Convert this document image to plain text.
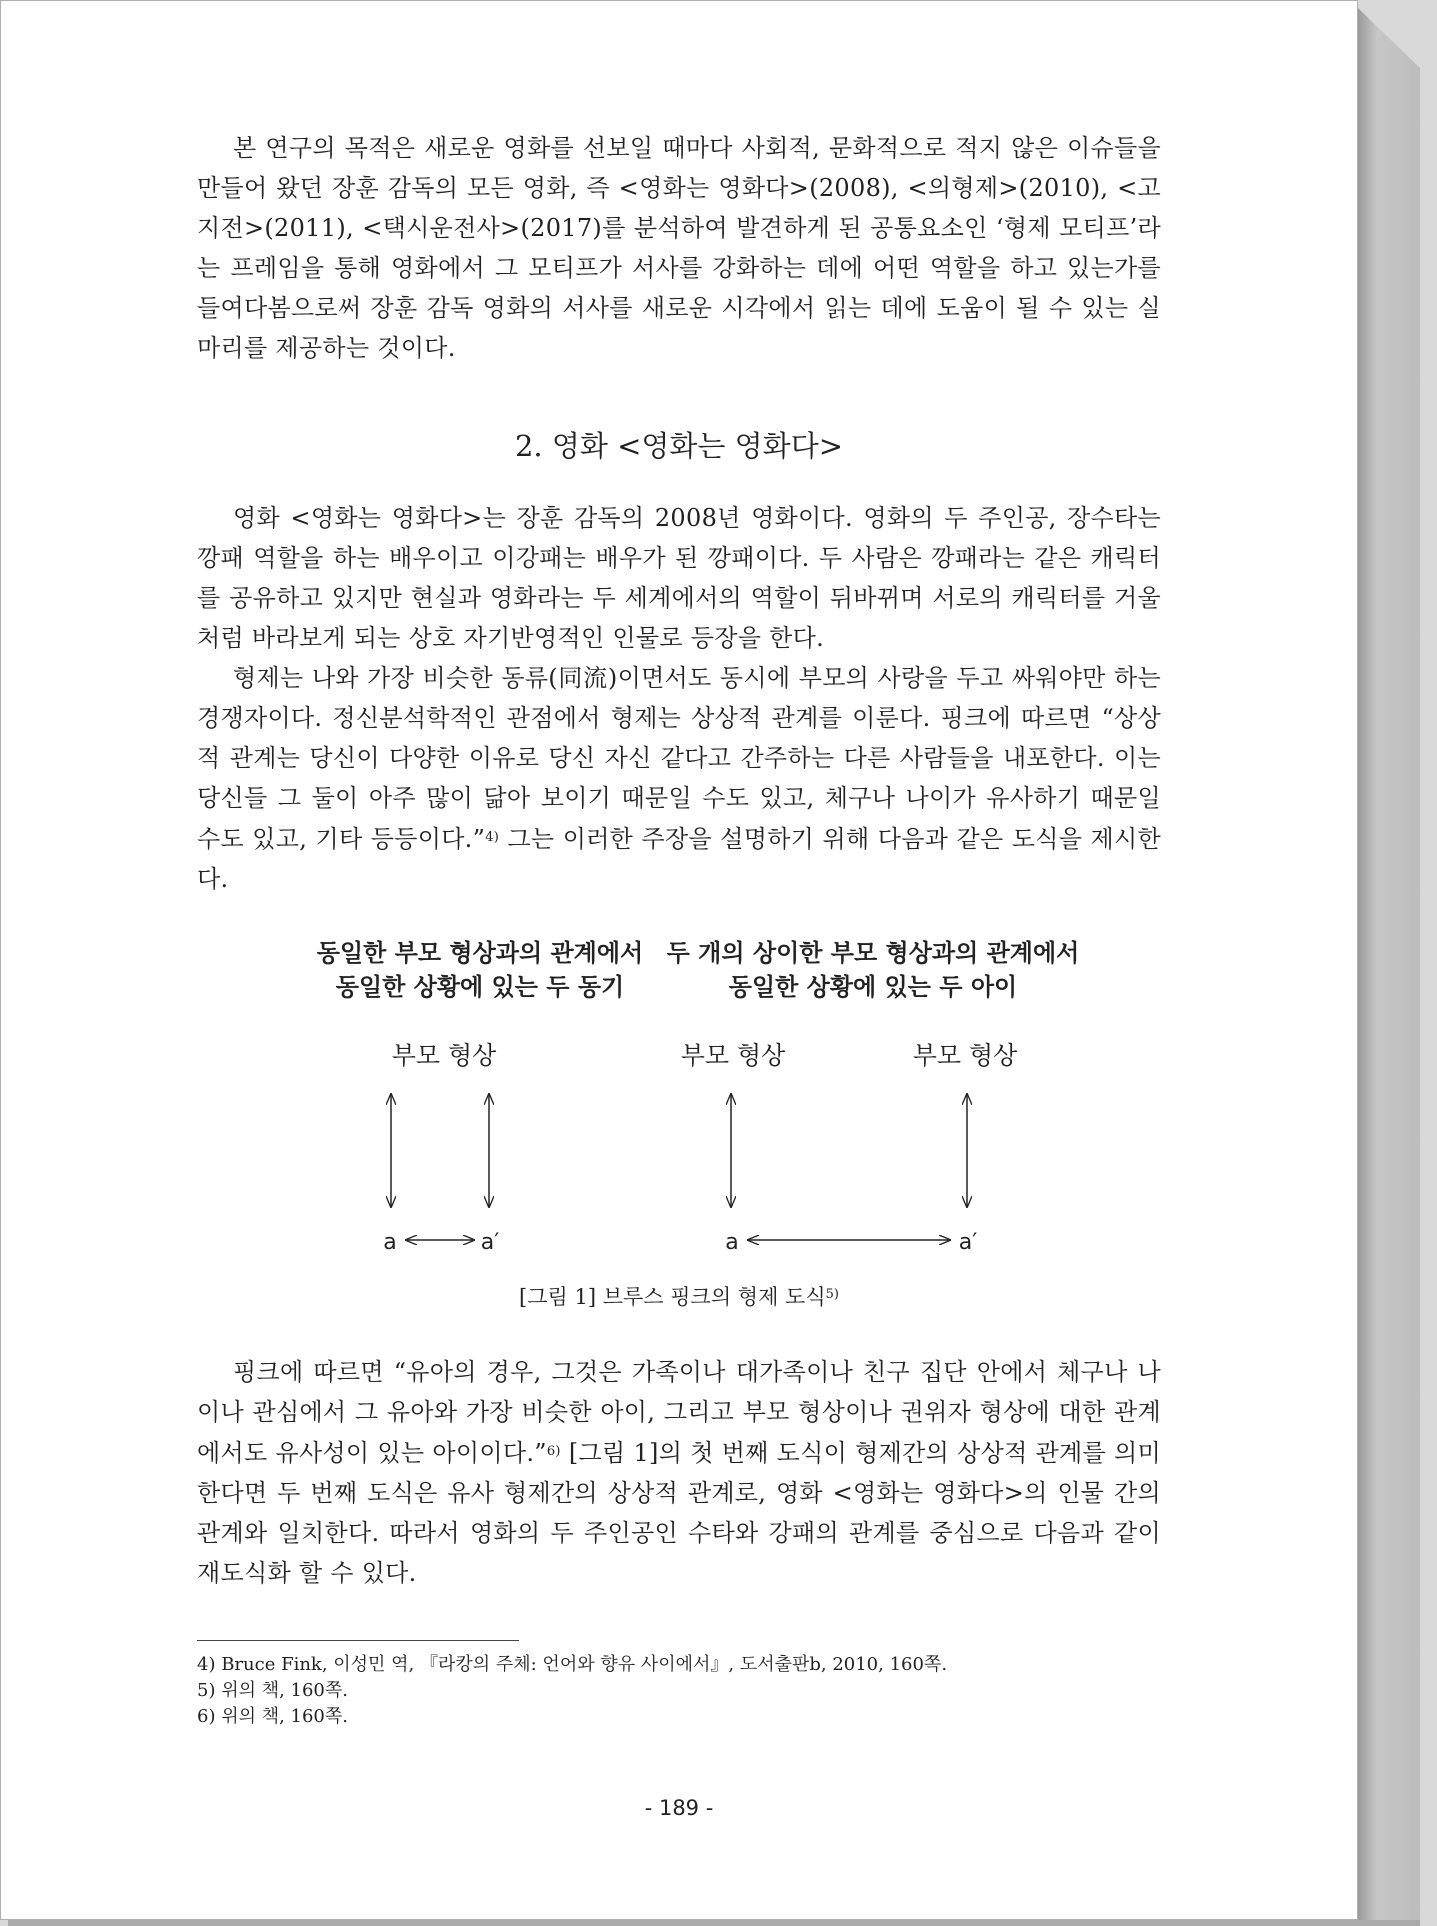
본 연구의 목적은 새로운 영화를 선보일 때마다 사회적, 문화적으로 적지 않은 이슈들을 만들어 왔던 장훈 감독의 모든 영화, 즉 <영화는 영화다>(2008), <의형제>(2010), <고지전>(2011), <택시운전사>(2017)를 분석하여 발견하게 된 공통요소인 ‘형제 모티프’라는 프레임을 통해 영화에서 그 모티프가 서사를 강화하는 데에 어떤 역할을 하고 있는가를 들여다봄으로써 장훈 감독 영화의 서사를 새로운 시각에서 읽는 데에 도움이 될 수 있는 실마리를 제공하는 것이다.

2. 영화 <영화는 영화다>

영화 <영화는 영화다>는 장훈 감독의 2008년 영화이다. 영화의 두 주인공, 장수타는 깡패 역할을 하는 배우이고 이강패는 배우가 된 깡패이다. 두 사람은 깡패라는 같은 캐릭터를 공유하고 있지만 현실과 영화라는 두 세계에서의 역할이 뒤바뀌며 서로의 캐릭터를 거울처럼 바라보게 되는 상호 자기반영적인 인물로 등장을 한다.

형제는 나와 가장 비슷한 동류(同流)이면서도 동시에 부모의 사랑을 두고 싸워야만 하는 경쟁자이다. 정신분석학적인 관점에서 형제는 상상적 관계를 이룬다. 핑크에 따르면 “상상적 관계는 당신이 다양한 이유로 당신 자신 같다고 간주하는 다른 사람들을 내포한다. 이는 당신들 그 둘이 아주 많이 닮아 보이기 때문일 수도 있고, 체구나 나이가 유사하기 때문일 수도 있고, 기타 등등이다.”$^{4)}$ 그는 이러한 주장을 설명하기 위해 다음과 같은 도식을 제시한다.

동일한 부모 형상과의 관계에서
동일한 상황에 있는 두 동기
두 개의 상이한 부모 형상과의 관계에서
동일한 상황에 있는 두 아이
부모 형상	부모 형상	부모 형상
a	a′	a	a′
[그림 1] 브루스 핑크의 형제 도식$^{5)}$

핑크에 따르면 “유아의 경우, 그것은 가족이나 대가족이나 친구 집단 안에서 체구나 나이나 관심에서 그 유아와 가장 비슷한 아이, 그리고 부모 형상이나 권위자 형상에 대한 관계에서도 유사성이 있는 아이이다.”$^{6)}$ [그림 1]의 첫 번째 도식이 형제간의 상상적 관계를 의미한다면 두 번째 도식은 유사 형제간의 상상적 관계로, 영화 <영화는 영화다>의 인물 간의 관계와 일치한다. 따라서 영화의 두 주인공인 수타와 강패의 관계를 중심으로 다음과 같이 재도식화 할 수 있다.

4) Bruce Fink, 이성민 역, 『라캉의 주체: 언어와 향유 사이에서』, 도서출판b, 2010, 160쪽.
5) 위의 책, 160쪽.
6) 위의 책, 160쪽.
- 189 -
